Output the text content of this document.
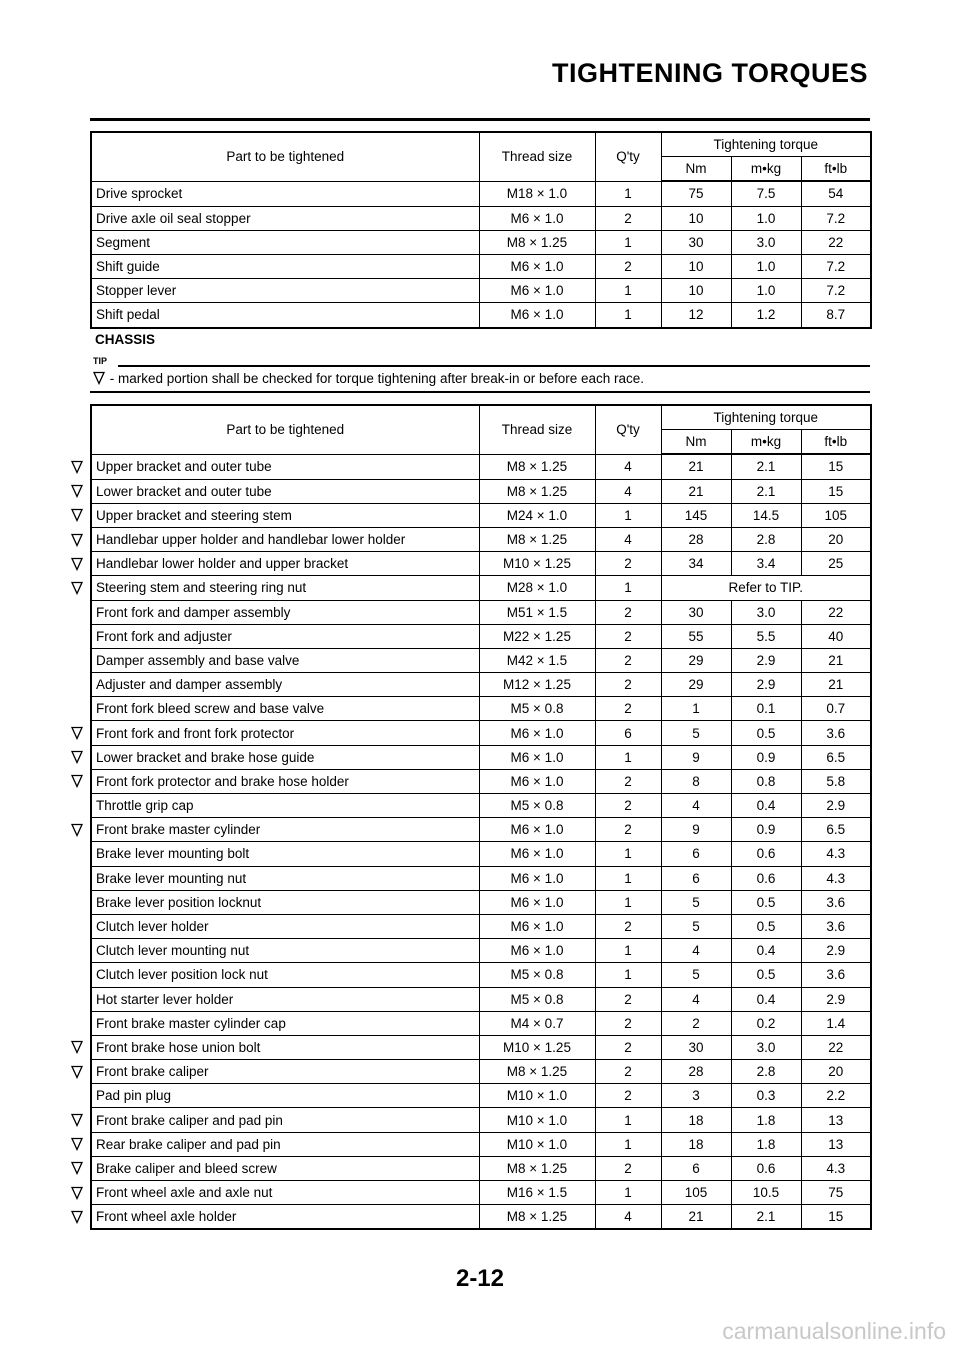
TIGHTENING TORQUES
Part to be tightened	Thread size	Q'ty	Tightening torque		
			Nm	m•kg	ft•lb
Drive sprocket	M18 × 1.0	1	75	7.5	54
Drive axle oil seal stopper	M6 × 1.0	2	10	1.0	7.2
Segment	M8 × 1.25	1	30	3.0	22
Shift guide	M6 × 1.0	2	10	1.0	7.2
Stopper lever	M6 × 1.0	1	10	1.0	7.2
Shift pedal	M6 × 1.0	1	12	1.2	8.7
CHASSIS
TIP
- marked portion shall be checked for torque tightening after break-in or before each race.
Part to be tightened	Thread size	Q'ty	Tightening torque		
			Nm	m•kg	ft•lb
Upper bracket and outer tube	M8 × 1.25	4	21	2.1	15
Lower bracket and outer tube	M8 × 1.25	4	21	2.1	15
Upper bracket and steering stem	M24 × 1.0	1	145	14.5	105
Handlebar upper holder and handlebar lower holder	M8 × 1.25	4	28	2.8	20
Handlebar lower holder and upper bracket	M10 × 1.25	2	34	3.4	25
Steering stem and steering ring nut	M28 × 1.0	1	Refer to TIP.		
Front fork and damper assembly	M51 × 1.5	2	30	3.0	22
Front fork and adjuster	M22 × 1.25	2	55	5.5	40
Damper assembly and base valve	M42 × 1.5	2	29	2.9	21
Adjuster and damper assembly	M12 × 1.25	2	29	2.9	21
Front fork bleed screw and base valve	M5 × 0.8	2	1	0.1	0.7
Front fork and front fork protector	M6 × 1.0	6	5	0.5	3.6
Lower bracket and brake hose guide	M6 × 1.0	1	9	0.9	6.5
Front fork protector and brake hose holder	M6 × 1.0	2	8	0.8	5.8
Throttle grip cap	M5 × 0.8	2	4	0.4	2.9
Front brake master cylinder	M6 × 1.0	2	9	0.9	6.5
Brake lever mounting bolt	M6 × 1.0	1	6	0.6	4.3
Brake lever mounting nut	M6 × 1.0	1	6	0.6	4.3
Brake lever position locknut	M6 × 1.0	1	5	0.5	3.6
Clutch lever holder	M6 × 1.0	2	5	0.5	3.6
Clutch lever mounting nut	M6 × 1.0	1	4	0.4	2.9
Clutch lever position lock nut	M5 × 0.8	1	5	0.5	3.6
Hot starter lever holder	M5 × 0.8	2	4	0.4	2.9
Front brake master cylinder cap	M4 × 0.7	2	2	0.2	1.4
Front brake hose union bolt	M10 × 1.25	2	30	3.0	22
Front brake caliper	M8 × 1.25	2	28	2.8	20
Pad pin plug	M10 × 1.0	2	3	0.3	2.2
Front brake caliper and pad pin	M10 × 1.0	1	18	1.8	13
Rear brake caliper and pad pin	M10 × 1.0	1	18	1.8	13
Brake caliper and bleed screw	M8 × 1.25	2	6	0.6	4.3
Front wheel axle and axle nut	M16 × 1.5	1	105	10.5	75
Front wheel axle holder	M8 × 1.25	4	21	2.1	15
2-12
carmanualsonline.info
